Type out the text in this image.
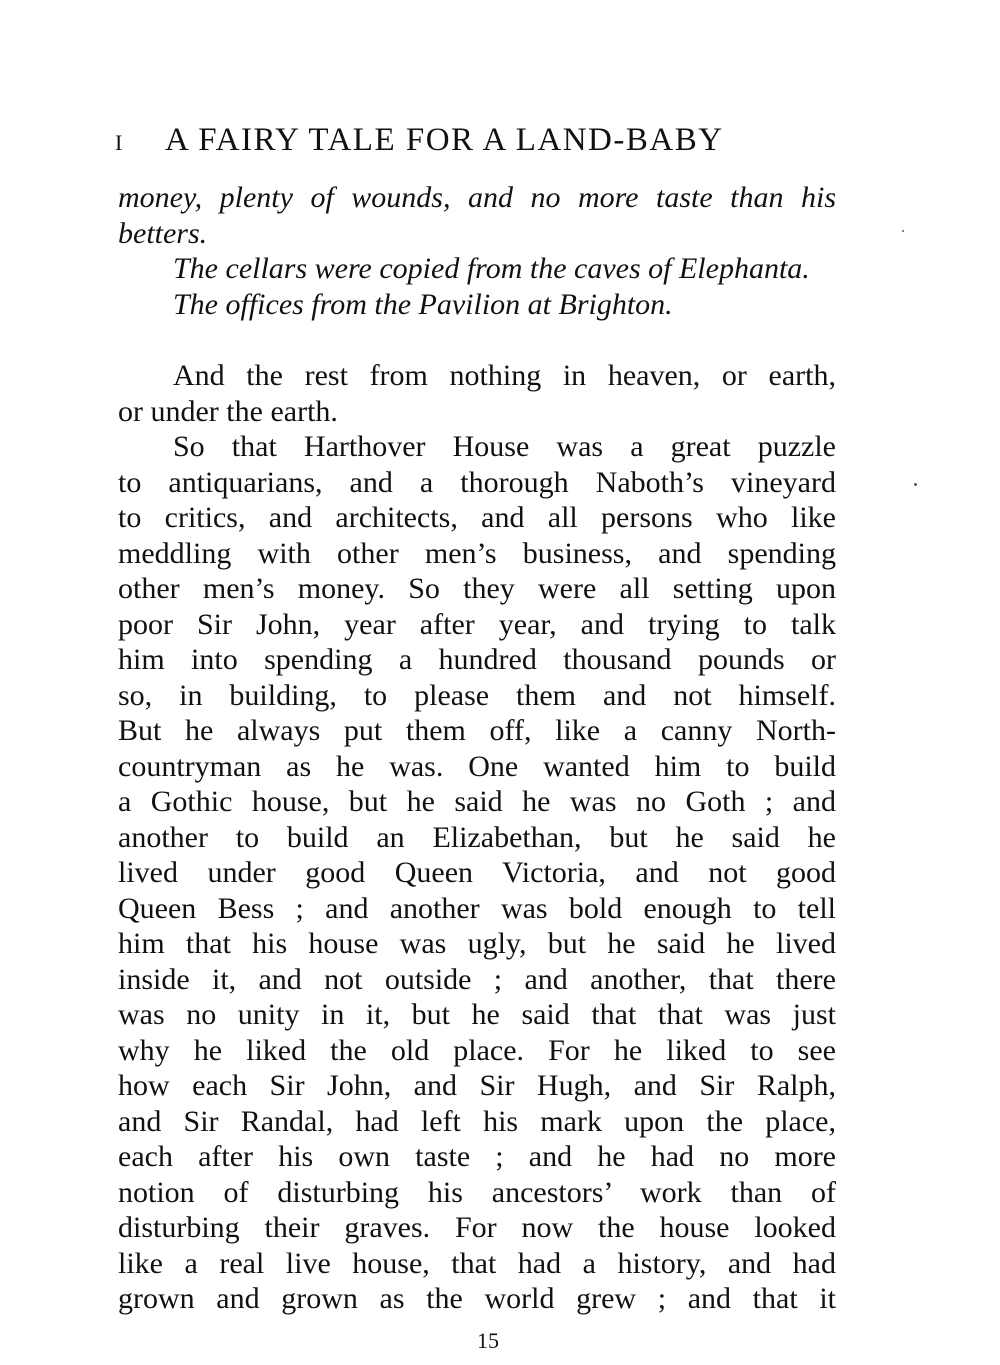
I A FAIRY TALE FOR A LAND-BABY
money, plenty of wounds, and no more taste than his
betters.
The cellars were copied from the caves of Elephanta.
The offices from the Pavilion at Brighton.
And the rest from nothing in heaven, or earth,
or under the earth.
So that Harthover House was a great puzzle
to antiquarians, and a thorough Naboth’s vineyard
to critics, and architects, and all persons who like
meddling with other men’s business, and spending
other men’s money. So they were all setting upon
poor Sir John, year after year, and trying to talk
him into spending a hundred thousand pounds or
so, in building, to please them and not himself.
But he always put them off, like a canny North-
countryman as he was. One wanted him to build
a Gothic house, but he said he was no Goth ; and
another to build an Elizabethan, but he said he
lived under good Queen Victoria, and not good
Queen Bess ; and another was bold enough to tell
him that his house was ugly, but he said he lived
inside it, and not outside ; and another, that there
was no unity in it, but he said that that was just
why he liked the old place. For he liked to see
how each Sir John, and Sir Hugh, and Sir Ralph,
and Sir Randal, had left his mark upon the place,
each after his own taste ; and he had no more
notion of disturbing his ancestors’ work than of
disturbing their graves. For now the house looked
like a real live house, that had a history, and had
grown and grown as the world grew ; and that it
15
